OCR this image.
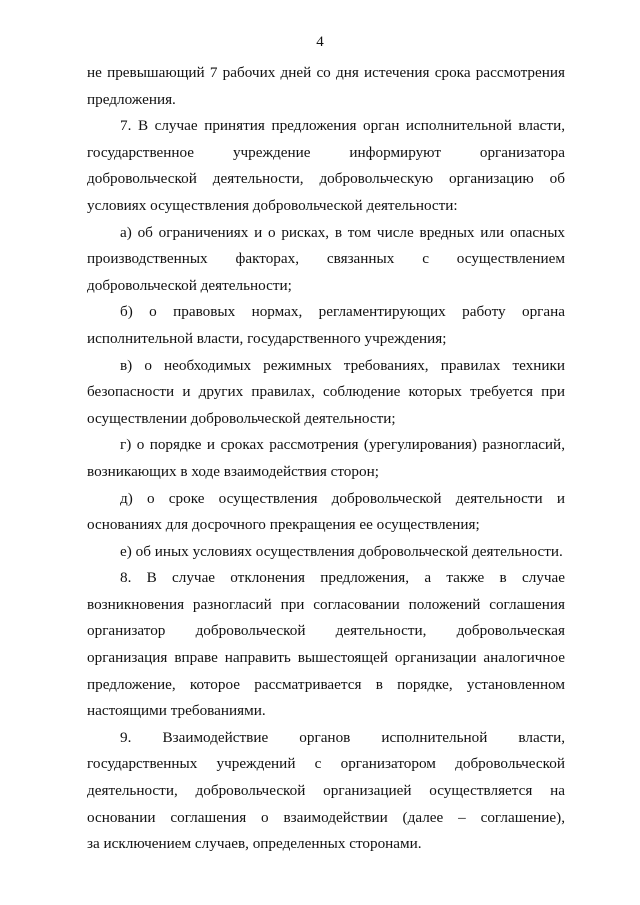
4
не превышающий 7 рабочих дней со дня истечения срока рассмотрения
предложения.
7. В случае принятия предложения орган исполнительной власти,
государственное учреждение информируют организатора
добровольческой деятельности, добровольческую организацию об
условиях осуществления добровольческой деятельности:
а) об ограничениях и о рисках, в том числе вредных или опасных
производственных факторах, связанных с осуществлением
добровольческой деятельности;
б) о правовых нормах, регламентирующих работу органа
исполнительной власти, государственного учреждения;
в) о необходимых режимных требованиях, правилах техники
безопасности и других правилах, соблюдение которых требуется при
осуществлении добровольческой деятельности;
г) о порядке и сроках рассмотрения (урегулирования) разногласий,
возникающих в ходе взаимодействия сторон;
д) о сроке осуществления добровольческой деятельности и
основаниях для досрочного прекращения ее осуществления;
е) об иных условиях осуществления добровольческой деятельности.
8. В случае отклонения предложения, а также в случае
возникновения разногласий при согласовании положений соглашения
организатор добровольческой деятельности, добровольческая
организация вправе направить вышестоящей организации аналогичное
предложение, которое рассматривается в порядке, установленном
настоящими требованиями.
9. Взаимодействие органов исполнительной власти,
государственных учреждений с организатором добровольческой
деятельности, добровольческой организацией осуществляется на
основании соглашения о взаимодействии (далее – соглашение),
за исключением случаев, определенных сторонами.
